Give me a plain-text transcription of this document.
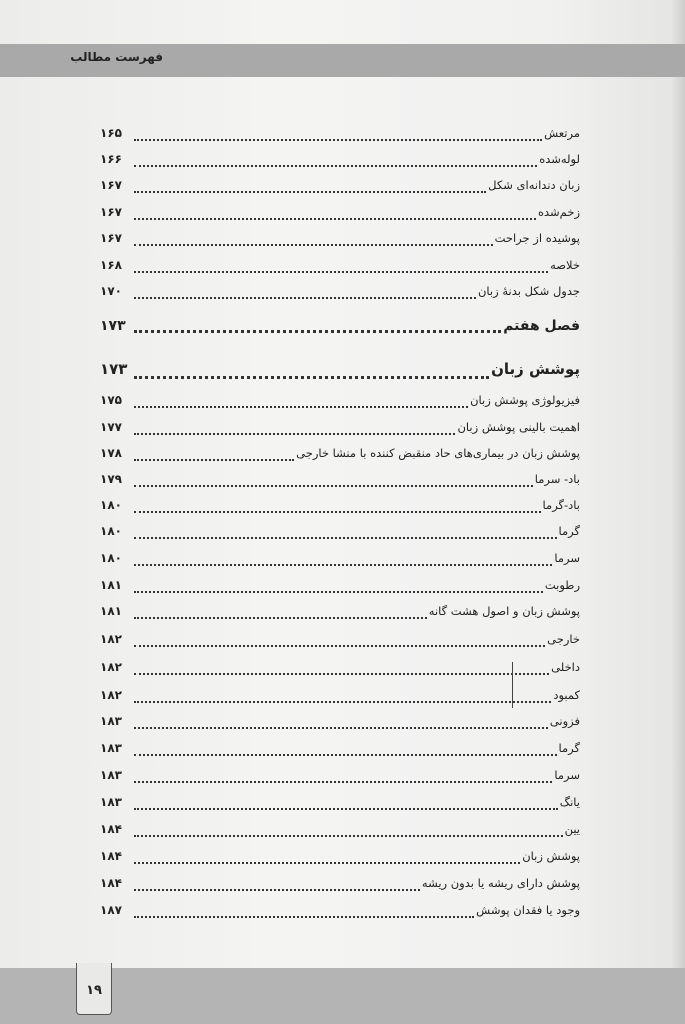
فهرست مطالب
مرتعش
۱۶۵
لوله‌شده
۱۶۶
زبان دندانه‌ای شکل
۱۶۷
زخم‌شده
۱۶۷
پوشیده از جراحت
۱۶۷
خلاصه
۱۶۸
جدول شکل بدنهٔ زبان
۱۷۰
فصل هفتم
۱۷۳
پوشش زبان
۱۷۳
فیزیولوژی پوشش زبان
۱۷۵
اهمیت بالینی پوشش زبان
۱۷۷
پوشش زبان در بیماری‌های حاد منقبض کننده با منشا خارجی
۱۷۸
باد- سرما
۱۷۹
باد-گرما
۱۸۰
گرما
۱۸۰
سرما
۱۸۰
رطوبت
۱۸۱
پوشش زبان و اصول هشت گانه
۱۸۱
خارجی
۱۸۲
داخلی
۱۸۲
کمبود
۱۸۲
فزونی
۱۸۳
گرما
۱۸۳
سرما
۱۸۳
یانگ
۱۸۳
یین
۱۸۴
پوشش زبان
۱۸۴
پوشش دارای ریشه یا بدون ریشه
۱۸۴
وجود یا فقدان پوشش
۱۸۷
۱۹
